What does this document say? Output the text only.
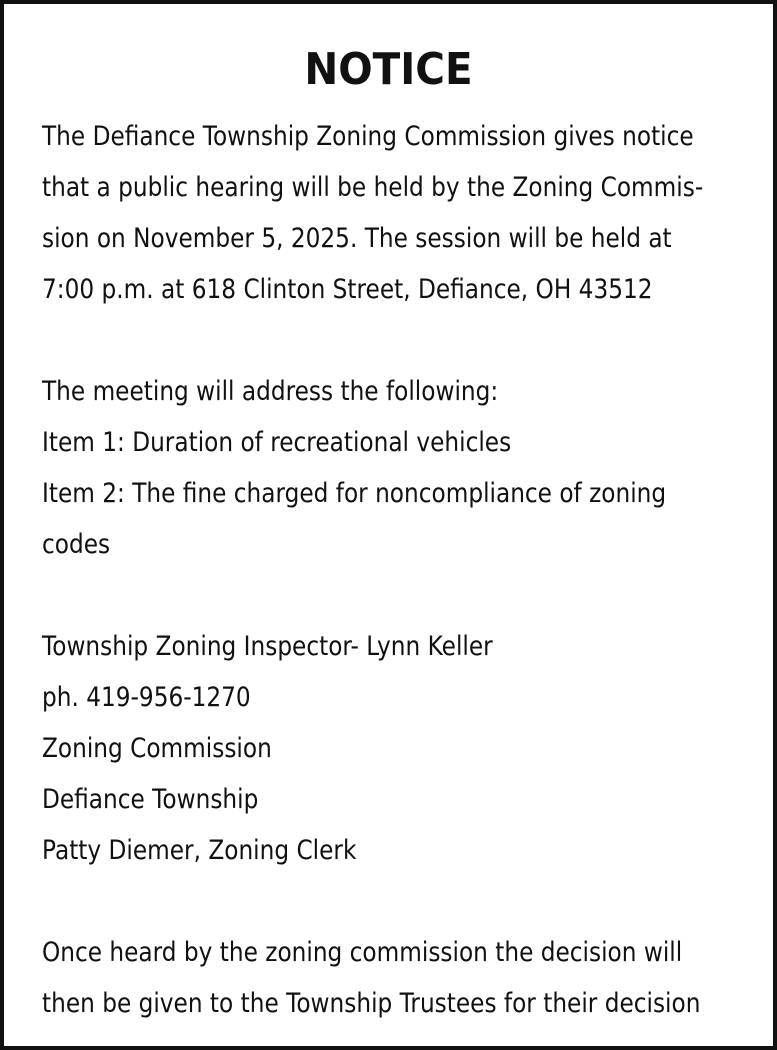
NOTICE
The Defiance Township Zoning Commission gives notice
that a public hearing will be held by the Zoning Commis-
sion on November 5, 2025. The session will be held at
7:00 p.m. at 618 Clinton Street, Defiance, OH 43512
The meeting will address the following:
Item 1: Duration of recreational vehicles
Item 2: The fine charged for noncompliance of zoning
codes
Township Zoning Inspector- Lynn Keller
ph. 419-956-1270
Zoning Commission
Defiance Township
Patty Diemer, Zoning Clerk
Once heard by the zoning commission the decision will
then be given to the Township Trustees for their decision
